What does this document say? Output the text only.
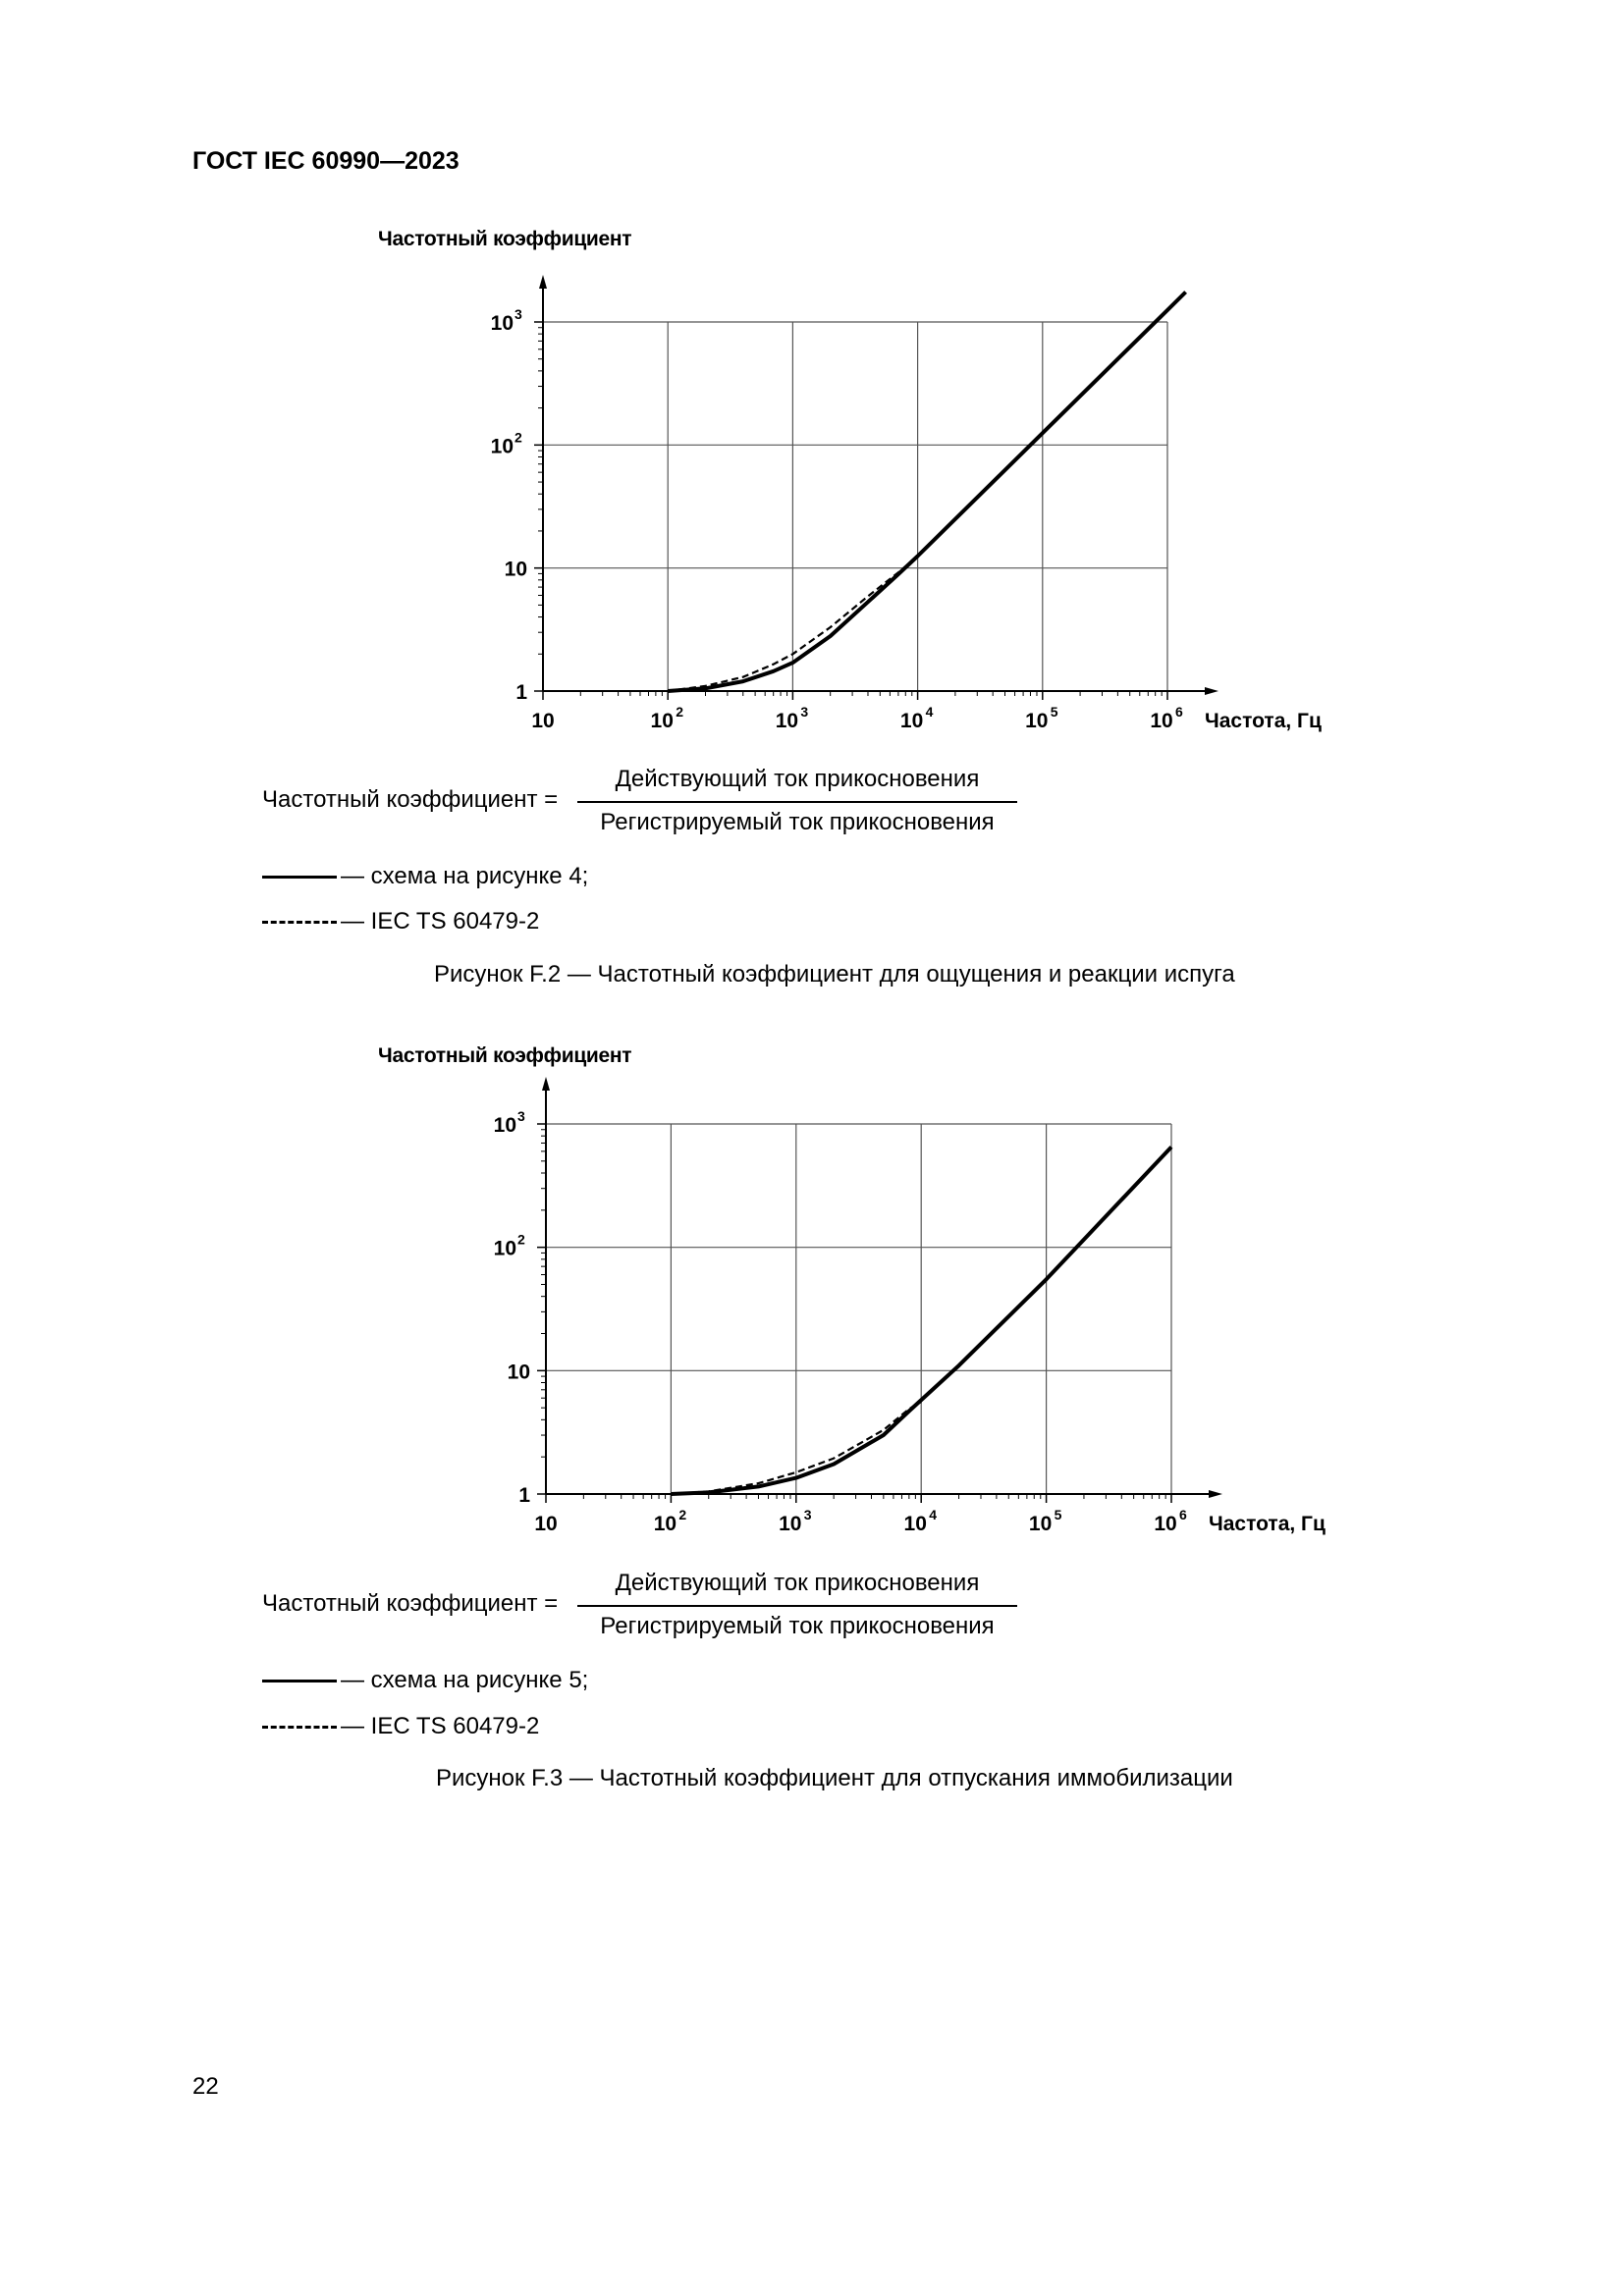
ГОСТ IEC 60990—2023
Частотный коэффициент
10	10 2	10 3	10 4	10 5	10 6
1
10
10 2
10 3
Частота, Гц
Частотный коэффициент =
Действующий ток прикосновения
Регистрируемый ток прикосновения
— схема на рисунке 4;
— IEC TS 60479-2
Рисунок F.2 — Частотный коэффициент для ощущения и реакции испуга
Частотный коэффициент
10	10 2	10 3	10 4	10 5	10 6
1
10
10 2
10 3
Частота, Гц
Частотный коэффициент =
Действующий ток прикосновения
Регистрируемый ток прикосновения
— схема на рисунке 5;
— IEC TS 60479-2
Рисунок F.3 — Частотный коэффициент для отпускания иммобилизации
22
